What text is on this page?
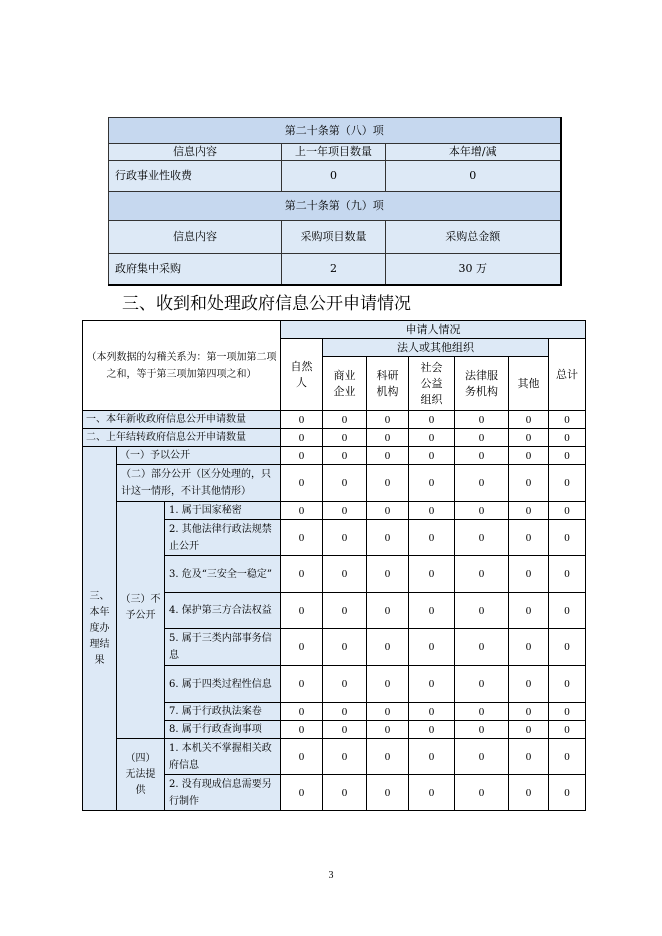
第二十条第（八）项		
信息内容	上一年项目数量	本年增/减
行政事业性收费	0	0
第二十条第（九）项		
信息内容	采购项目数量	采购总金额
政府集中采购	2	30 万
三、收到和处理政府信息公开申请情况
（本列数据的勾稽关系为：第一项加第二项之和，等于第三项加第四项之和）			申请人情况						
			自然人	法人或其他组织					总计
				商业企业	科研机构	社会公益组织	法律服务机构	其他	

一、本年新收政府信息公开申请数量			0	0	0	0	0	0	0
二、上年结转政府信息公开申请数量			0	0	0	0	0	0	0
三、本年度办理结果	（一）予以公开		0	0	0	0	0	0	0
	（二）部分公开（区分处理的，只计这一情形，不计其他情形）		0	0	0	0	0	0	0
	（三）不予公开	1. 属于国家秘密	0	0	0	0	0	0	0
		2. 其他法律行政法规禁止公开	0	0	0	0	0	0	0
		3. 危及“三安全一稳定”	0	0	0	0	0	0	0
		4. 保护第三方合法权益	0	0	0	0	0	0	0
		5. 属于三类内部事务信息	0	0	0	0	0	0	0
		6. 属于四类过程性信息	0	0	0	0	0	0	0
		7. 属于行政执法案卷	0	0	0	0	0	0	0
		8. 属于行政查询事项	0	0	0	0	0	0	0
	（四）无法提供	1. 本机关不掌握相关政府信息	0	0	0	0	0	0	0
		2. 没有现成信息需要另行制作	0	0	0	0	0	0	0
3
